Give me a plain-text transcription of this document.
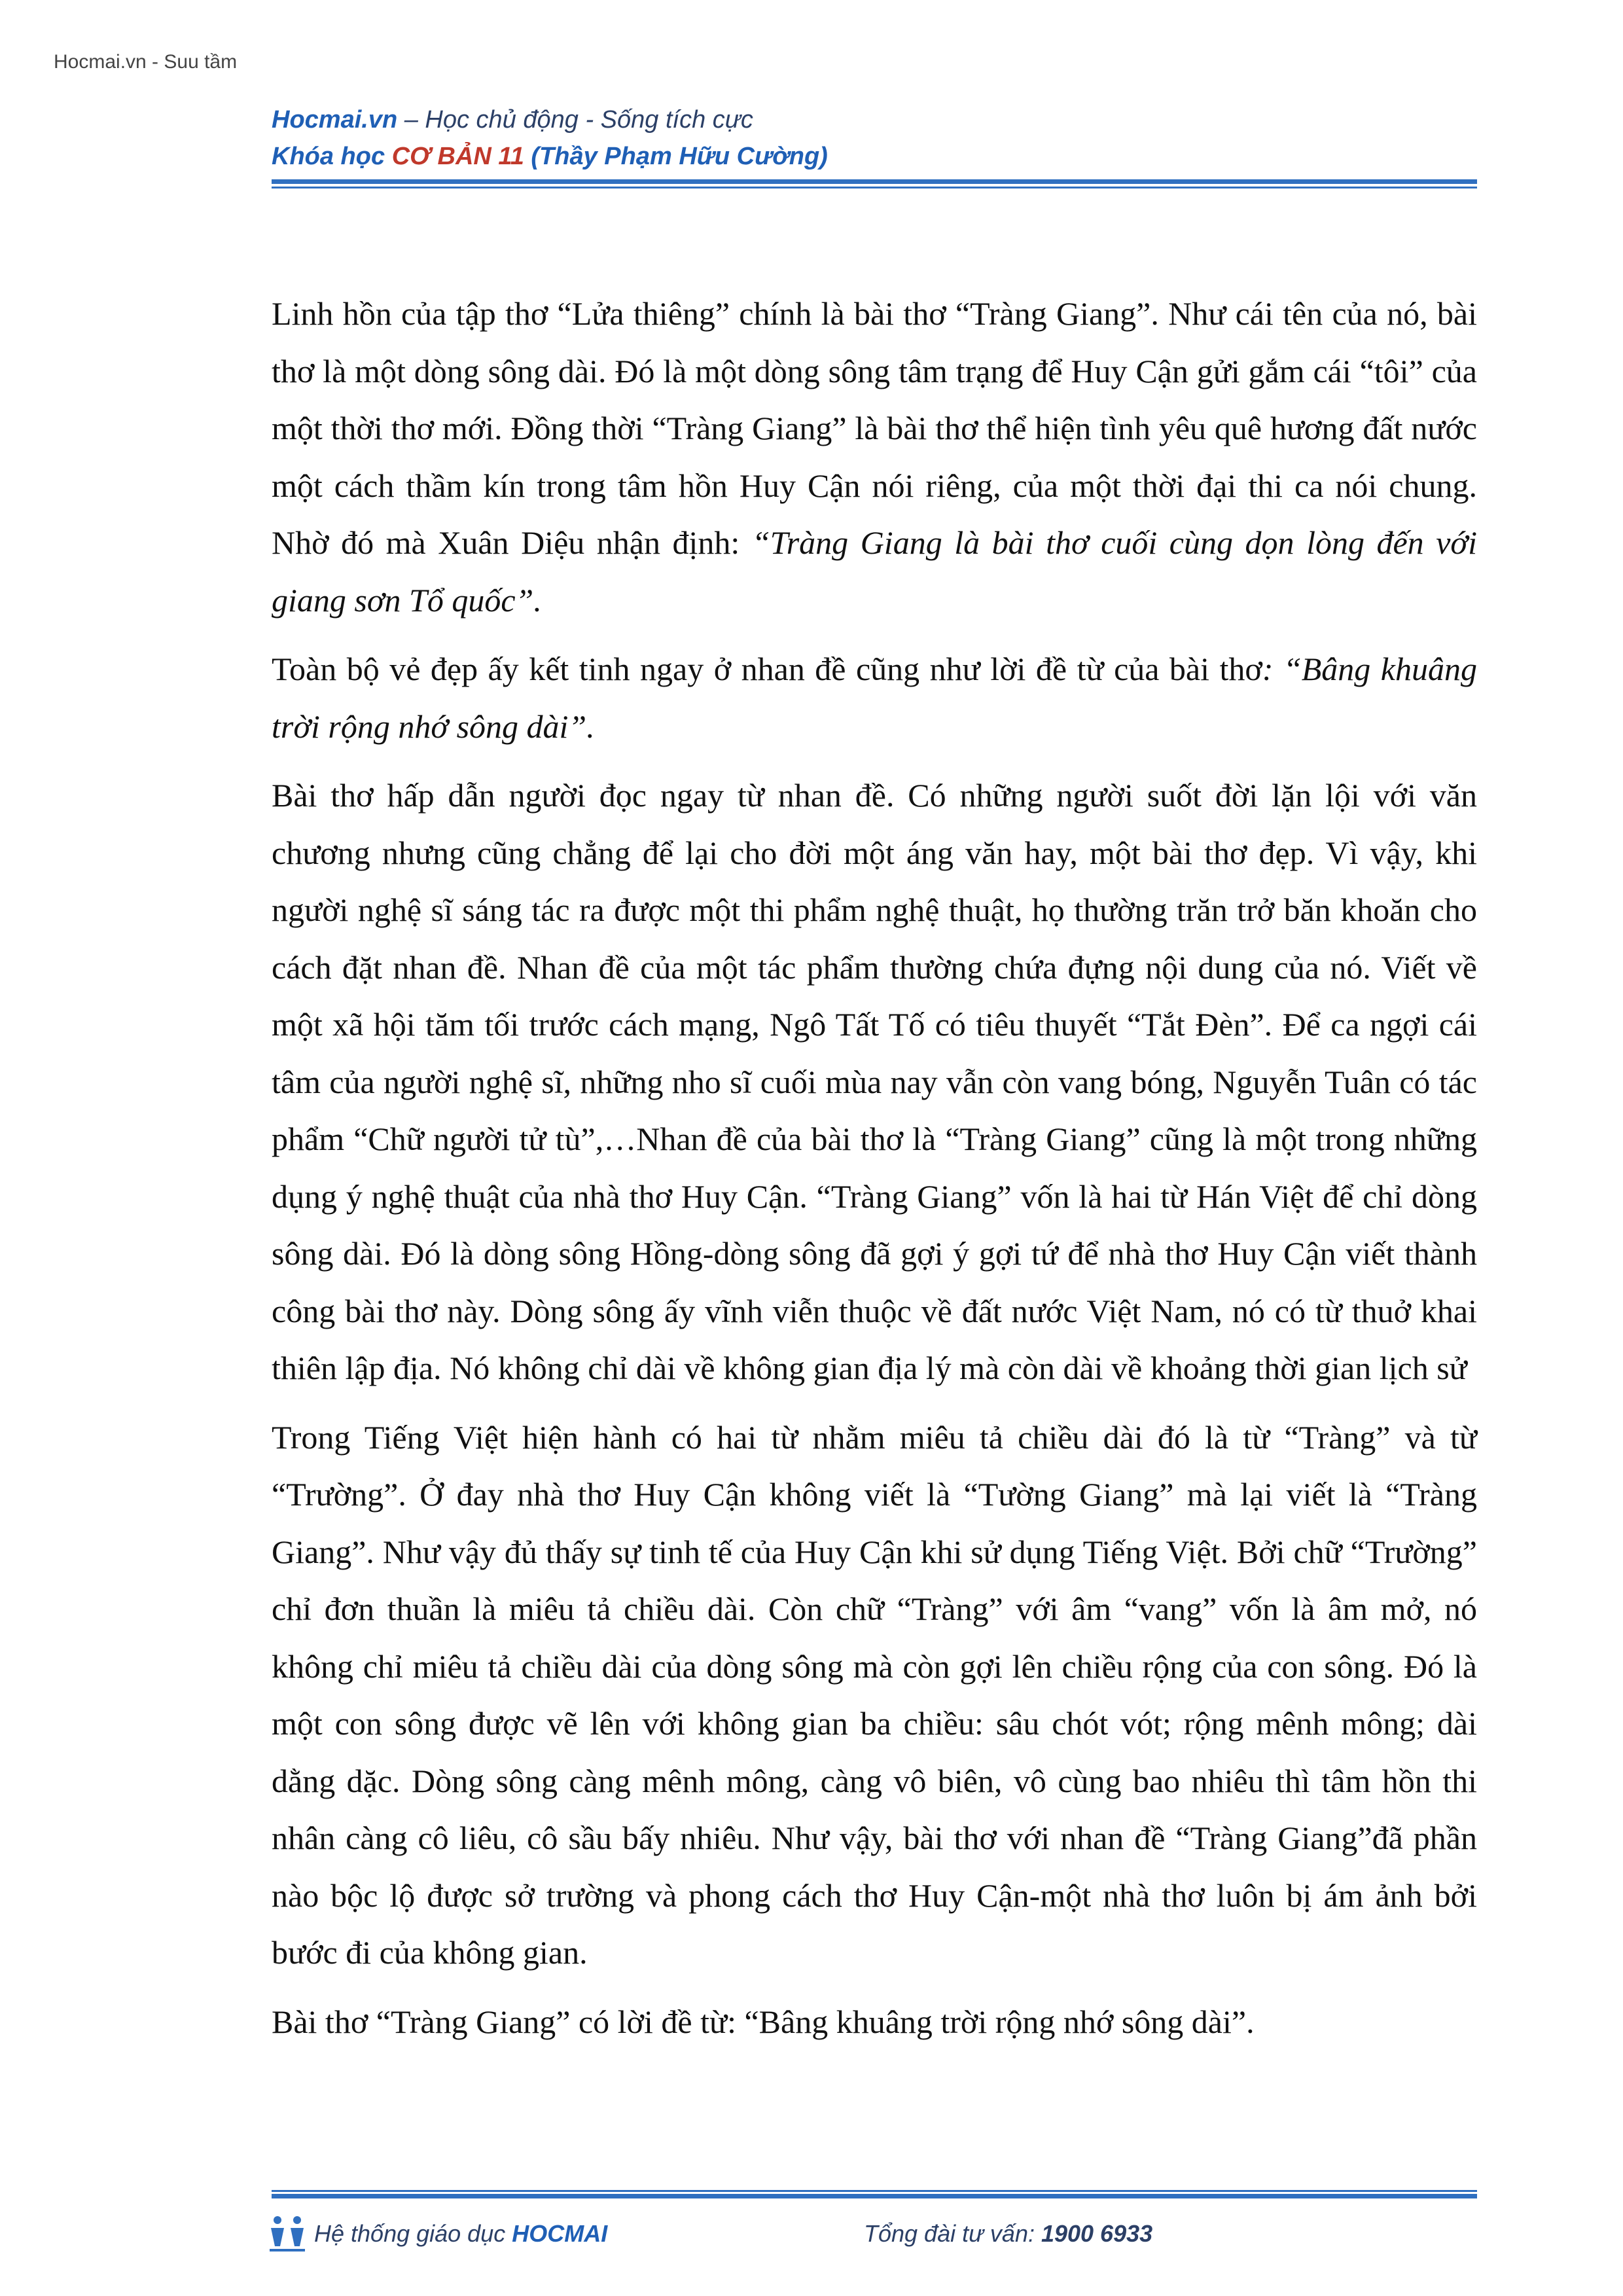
Hocmai.vn - Suu tầm
Hocmai.vn – Học chủ động - Sống tích cực
Khóa học CƠ BẢN 11 (Thầy Phạm Hữu Cường)

Linh hồn của tập thơ “Lửa thiêng” chính là bài thơ “Tràng Giang”. Như cái tên của nó, bài thơ là một dòng sông dài. Đó là một dòng sông tâm trạng để Huy Cận gửi gắm cái “tôi” của một thời thơ mới. Đồng thời “Tràng Giang” là bài thơ thể hiện tình yêu quê hương đất nước một cách thầm kín trong tâm hồn Huy Cận nói riêng, của một thời đại thi ca nói chung. Nhờ đó mà Xuân Diệu nhận định: “Tràng Giang là bài thơ cuối cùng dọn lòng đến với giang sơn Tổ quốc”.

Toàn bộ vẻ đẹp ấy kết tinh ngay ở nhan đề cũng như lời đề từ của bài thơ: “Bâng khuâng trời rộng nhớ sông dài”.

Bài thơ hấp dẫn người đọc ngay từ nhan đề. Có những người suốt đời lặn lội với văn chương nhưng cũng chẳng để lại cho đời một áng văn hay, một bài thơ đẹp. Vì vậy, khi người nghệ sĩ sáng tác ra được một thi phẩm nghệ thuật, họ thường trăn trở băn khoăn cho cách đặt nhan đề. Nhan đề của một tác phẩm thường chứa đựng nội dung của nó. Viết về một xã hội tăm tối trước cách mạng, Ngô Tất Tố có tiêu thuyết “Tắt Đèn”. Để ca ngợi cái tâm của người nghệ sĩ, những nho sĩ cuối mùa nay vẫn còn vang bóng, Nguyễn Tuân có tác phẩm “Chữ người tử tù”,…Nhan đề của bài thơ là “Tràng Giang” cũng là một trong những dụng ý nghệ thuật của nhà thơ Huy Cận. “Tràng Giang” vốn là hai từ Hán Việt để chỉ dòng sông dài. Đó là dòng sông Hồng-dòng sông đã gợi ý gợi tứ để nhà thơ Huy Cận viết thành công bài thơ này. Dòng sông ấy vĩnh viễn thuộc về đất nước Việt Nam, nó có từ thuở khai thiên lập địa. Nó không chỉ dài về không gian địa lý mà còn dài về khoảng thời gian lịch sử

Trong Tiếng Việt hiện hành có hai từ nhằm miêu tả chiều dài đó là từ “Tràng” và từ “Trường”. Ở đay nhà thơ Huy Cận không viết là “Tường Giang” mà lại viết là “Tràng Giang”. Như vậy đủ thấy sự tinh tế của Huy Cận khi sử dụng Tiếng Việt. Bởi chữ “Trường” chỉ đơn thuần là miêu tả chiều dài. Còn chữ “Tràng” với âm “vang” vốn là âm mở, nó không chỉ miêu tả chiều dài của dòng sông mà còn gợi lên chiều rộng của con sông. Đó là một con sông được vẽ lên với không gian ba chiều: sâu chót vót; rộng mênh mông; dài dằng dặc. Dòng sông càng mênh mông, càng vô biên, vô cùng bao nhiêu thì tâm hồn thi nhân càng cô liêu, cô sầu bấy nhiêu. Như vậy, bài thơ với nhan đề “Tràng Giang”đã phần nào bộc lộ được sở trường và phong cách thơ Huy Cận-một nhà thơ luôn bị ám ảnh bởi bước đi của không gian.

Bài thơ “Tràng Giang” có lời đề từ: “Bâng khuâng trời rộng nhớ sông dài”.

Hệ thống giáo dục HOCMAI	Tổng đài tư vấn: 1900 6933
